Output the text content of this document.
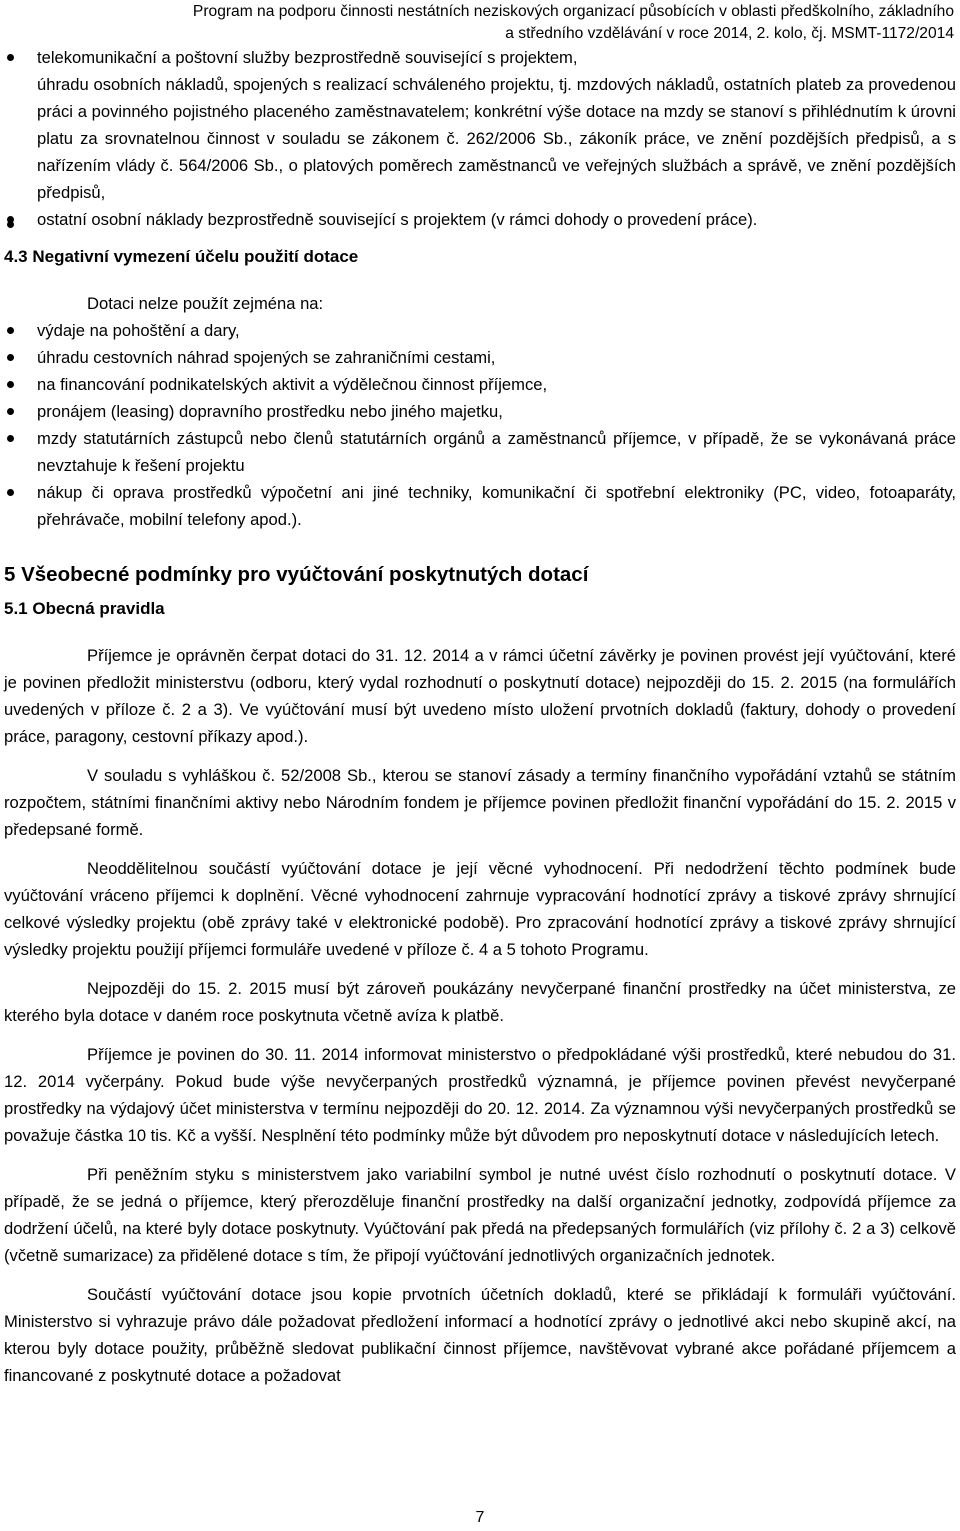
Program na podporu činnosti nestátních neziskových organizací působících v oblasti předškolního, základního
a středního vzdělávání v roce 2014, 2. kolo, čj. MSMT-1172/2014
telekomunikační a poštovní služby bezprostředně související s projektem,
úhradu osobních nákladů, spojených s realizací schváleného projektu, tj. mzdových nákladů, ostatních plateb za provedenou práci a povinného pojistného placeného zaměstnavatelem; konkrétní výše dotace na mzdy se stanoví s přihlédnutím k úrovni platu za srovnatelnou činnost v souladu se zákonem č. 262/2006 Sb., zákoník práce, ve znění pozdějších předpisů, a s nařízením vlády č. 564/2006 Sb., o platových poměrech zaměstnanců ve veřejných službách a správě, ve znění pozdějších předpisů,
ostatní osobní náklady bezprostředně související s projektem (v rámci dohody o provedení práce).
4.3 Negativní vymezení účelu použití dotace

Dotaci nelze použít zejména na:

výdaje na pohoštění a dary,
úhradu cestovních náhrad spojených se zahraničními cestami,
na financování podnikatelských aktivit a výdělečnou činnost příjemce,
pronájem (leasing) dopravního prostředku nebo jiného majetku,
mzdy statutárních zástupců nebo členů statutárních orgánů a zaměstnanců příjemce, v případě, že se vykonávaná práce nevztahuje k řešení projektu
nákup či oprava prostředků výpočetní ani jiné techniky, komunikační či spotřební elektroniky (PC, video, fotoaparáty, přehrávače, mobilní telefony apod.).
5 Všeobecné podmínky pro vyúčtování poskytnutých dotací
5.1 Obecná pravidla

Příjemce je oprávněn čerpat dotaci do 31. 12. 2014 a v rámci účetní závěrky je povinen provést její vyúčtování, které je povinen předložit ministerstvu (odboru, který vydal rozhodnutí o poskytnutí dotace) nejpozději do 15. 2. 2015 (na formulářích uvedených v příloze č. 2 a 3). Ve vyúčtování musí být uvedeno místo uložení prvotních dokladů (faktury, dohody o provedení práce, paragony, cestovní příkazy apod.).

V souladu s vyhláškou č. 52/2008 Sb., kterou se stanoví zásady a termíny finančního vypořádání vztahů se státním rozpočtem, státními finančními aktivy nebo Národním fondem je příjemce povinen předložit finanční vypořádání do 15. 2. 2015 v předepsané formě.

Neoddělitelnou součástí vyúčtování dotace je její věcné vyhodnocení. Při nedodržení těchto podmínek bude vyúčtování vráceno příjemci k doplnění. Věcné vyhodnocení zahrnuje vypracování hodnotící zprávy a tiskové zprávy shrnující celkové výsledky projektu (obě zprávy také v elektronické podobě). Pro zpracování hodnotící zprávy a tiskové zprávy shrnující výsledky projektu použijí příjemci formuláře uvedené v příloze č. 4 a 5 tohoto Programu.

Nejpozději do 15. 2. 2015 musí být zároveň poukázány nevyčerpané finanční prostředky na účet ministerstva, ze kterého byla dotace v daném roce poskytnuta včetně avíza k platbě.

Příjemce je povinen do 30. 11. 2014 informovat ministerstvo o předpokládané výši prostředků, které nebudou do 31. 12. 2014 vyčerpány. Pokud bude výše nevyčerpaných prostředků významná, je příjemce povinen převést nevyčerpané prostředky na výdajový účet ministerstva v termínu nejpozději do 20. 12. 2014. Za významnou výši nevyčerpaných prostředků se považuje částka 10 tis. Kč a vyšší. Nesplnění této podmínky může být důvodem pro neposkytnutí dotace v následujících letech.

Při peněžním styku s ministerstvem jako variabilní symbol je nutné uvést číslo rozhodnutí o poskytnutí dotace. V případě, že se jedná o příjemce, který přerozděluje finanční prostředky na další organizační jednotky, zodpovídá příjemce za dodržení účelů, na které byly dotace poskytnuty. Vyúčtování pak předá na předepsaných formulářích (viz přílohy č. 2 a 3) celkově (včetně sumarizace) za přidělené dotace s tím, že připojí vyúčtování jednotlivých organizačních jednotek.

Součástí vyúčtování dotace jsou kopie prvotních účetních dokladů, které se přikládají k formuláři vyúčtování. Ministerstvo si vyhrazuje právo dále požadovat předložení informací a hodnotící zprávy o jednotlivé akci nebo skupině akcí, na kterou byly dotace použity, průběžně sledovat publikační činnost příjemce, navštěvovat vybrané akce pořádané příjemcem a financované z poskytnuté dotace a požadovat

7
